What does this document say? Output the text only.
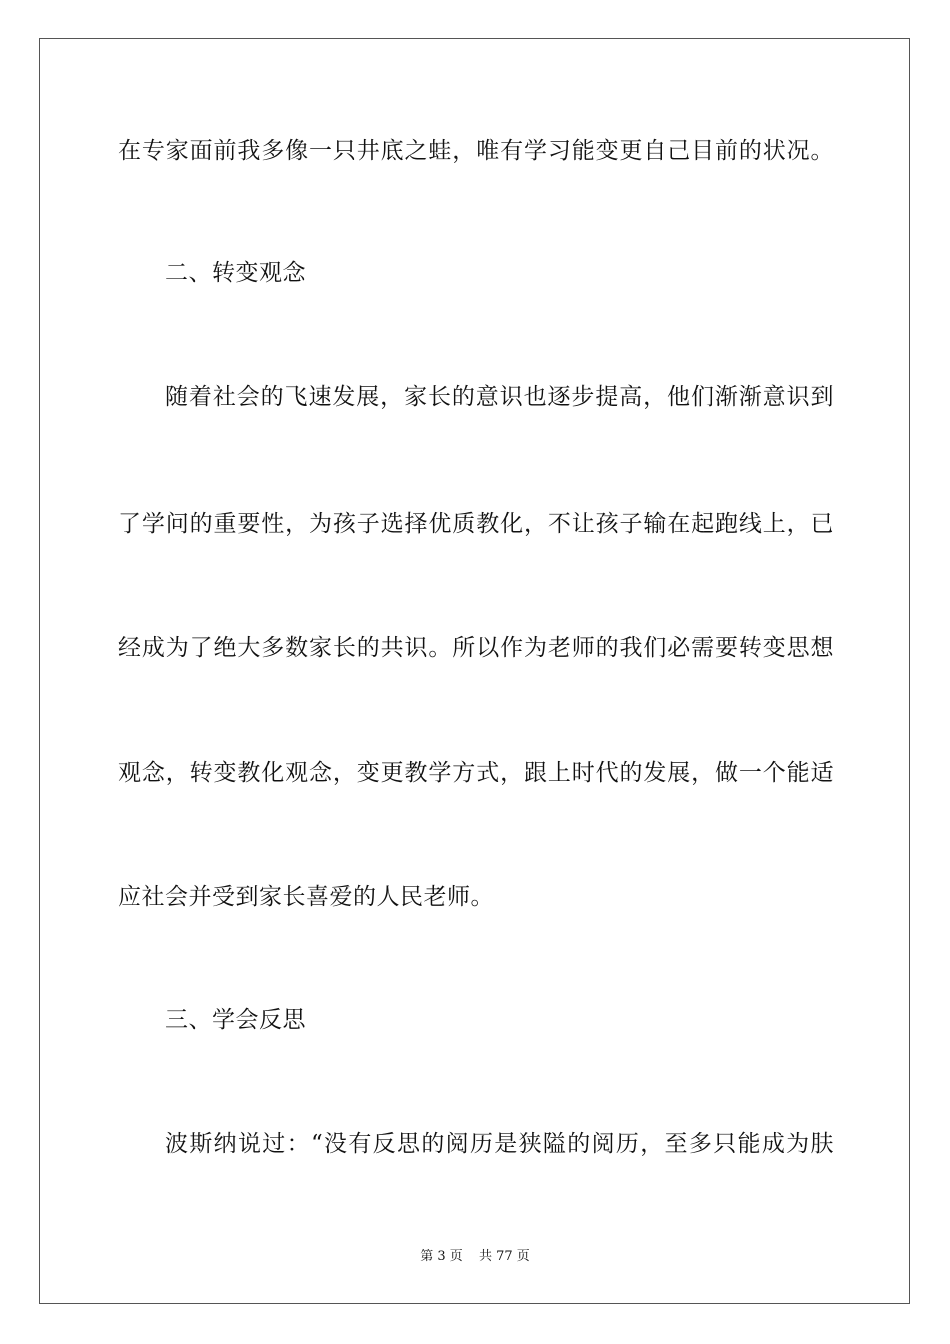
在专家面前我多像一只井底之蛙，唯有学习能变更自己目前的状况。
二、转变观念
随着社会的飞速发展，家长的意识也逐步提高，他们渐渐意识到
了学问的重要性，为孩子选择优质教化，不让孩子输在起跑线上，已
经成为了绝大多数家长的共识。所以作为老师的我们必需要转变思想
观念，转变教化观念，变更教学方式，跟上时代的发展，做一个能适
应社会并受到家长喜爱的人民老师。
三、学会反思
波斯纳说过：“没有反思的阅历是狭隘的阅历，至多只能成为肤
第 3 页 共 77 页
